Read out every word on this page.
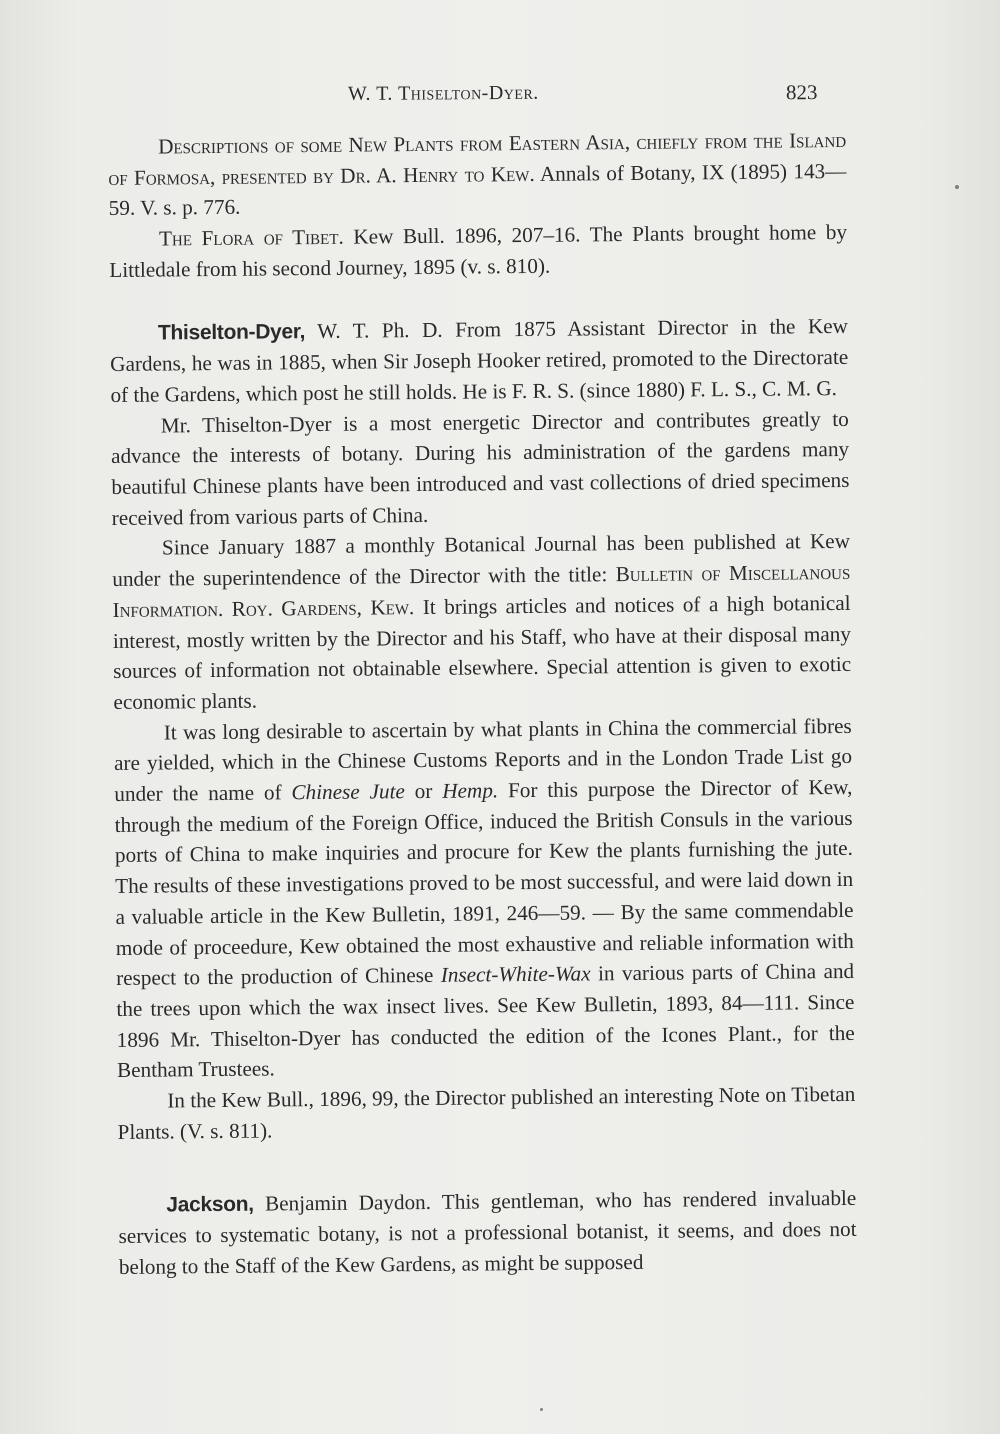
W. T. Thiselton-Dyer.	823

Descriptions of some New Plants from Eastern Asia, chiefly from the Island of Formosa, presented by Dr. A. Henry to Kew. Annals of Botany, IX (1895) 143—59. V. s. p. 776.

The Flora of Tibet. Kew Bull. 1896, 207–16. The Plants brought home by Littledale from his second Journey, 1895 (v. s. 810).

Thiselton-Dyer, W. T. Ph. D. From 1875 Assistant Director in the Kew Gardens, he was in 1885, when Sir Joseph Hooker retired, promoted to the Directorate of the Gardens, which post he still holds. He is F. R. S. (since 1880) F. L. S., C. M. G.

Mr. Thiselton-Dyer is a most energetic Director and contributes greatly to advance the interests of botany. During his administration of the gardens many beautiful Chinese plants have been introduced and vast collections of dried specimens received from various parts of China.

Since January 1887 a monthly Botanical Journal has been published at Kew under the superintendence of the Director with the title: Bulletin of Miscellanous Information. Roy. Gardens, Kew. It brings articles and notices of a high botanical interest, mostly written by the Director and his Staff, who have at their disposal many sources of information not obtainable elsewhere. Special attention is given to exotic economic plants.

It was long desirable to ascertain by what plants in China the commercial fibres are yielded, which in the Chinese Customs Reports and in the London Trade List go under the name of Chinese Jute or Hemp. For this purpose the Director of Kew, through the medium of the Foreign Office, induced the British Consuls in the various ports of China to make inquiries and procure for Kew the plants furnishing the jute. The results of these investigations proved to be most successful, and were laid down in a valuable article in the Kew Bulletin, 1891, 246—59. — By the same commendable mode of proceedure, Kew obtained the most exhaustive and reliable information with respect to the production of Chinese Insect-White-Wax in various parts of China and the trees upon which the wax insect lives. See Kew Bulletin, 1893, 84—111. Since 1896 Mr. Thiselton-Dyer has conducted the edition of the Icones Plant., for the Bentham Trustees.

In the Kew Bull., 1896, 99, the Director published an interesting Note on Tibetan Plants. (V. s. 811).

Jackson, Benjamin Daydon. This gentleman, who has rendered invaluable services to systematic botany, is not a professional botanist, it seems, and does not belong to the Staff of the Kew Gardens, as might be supposed
